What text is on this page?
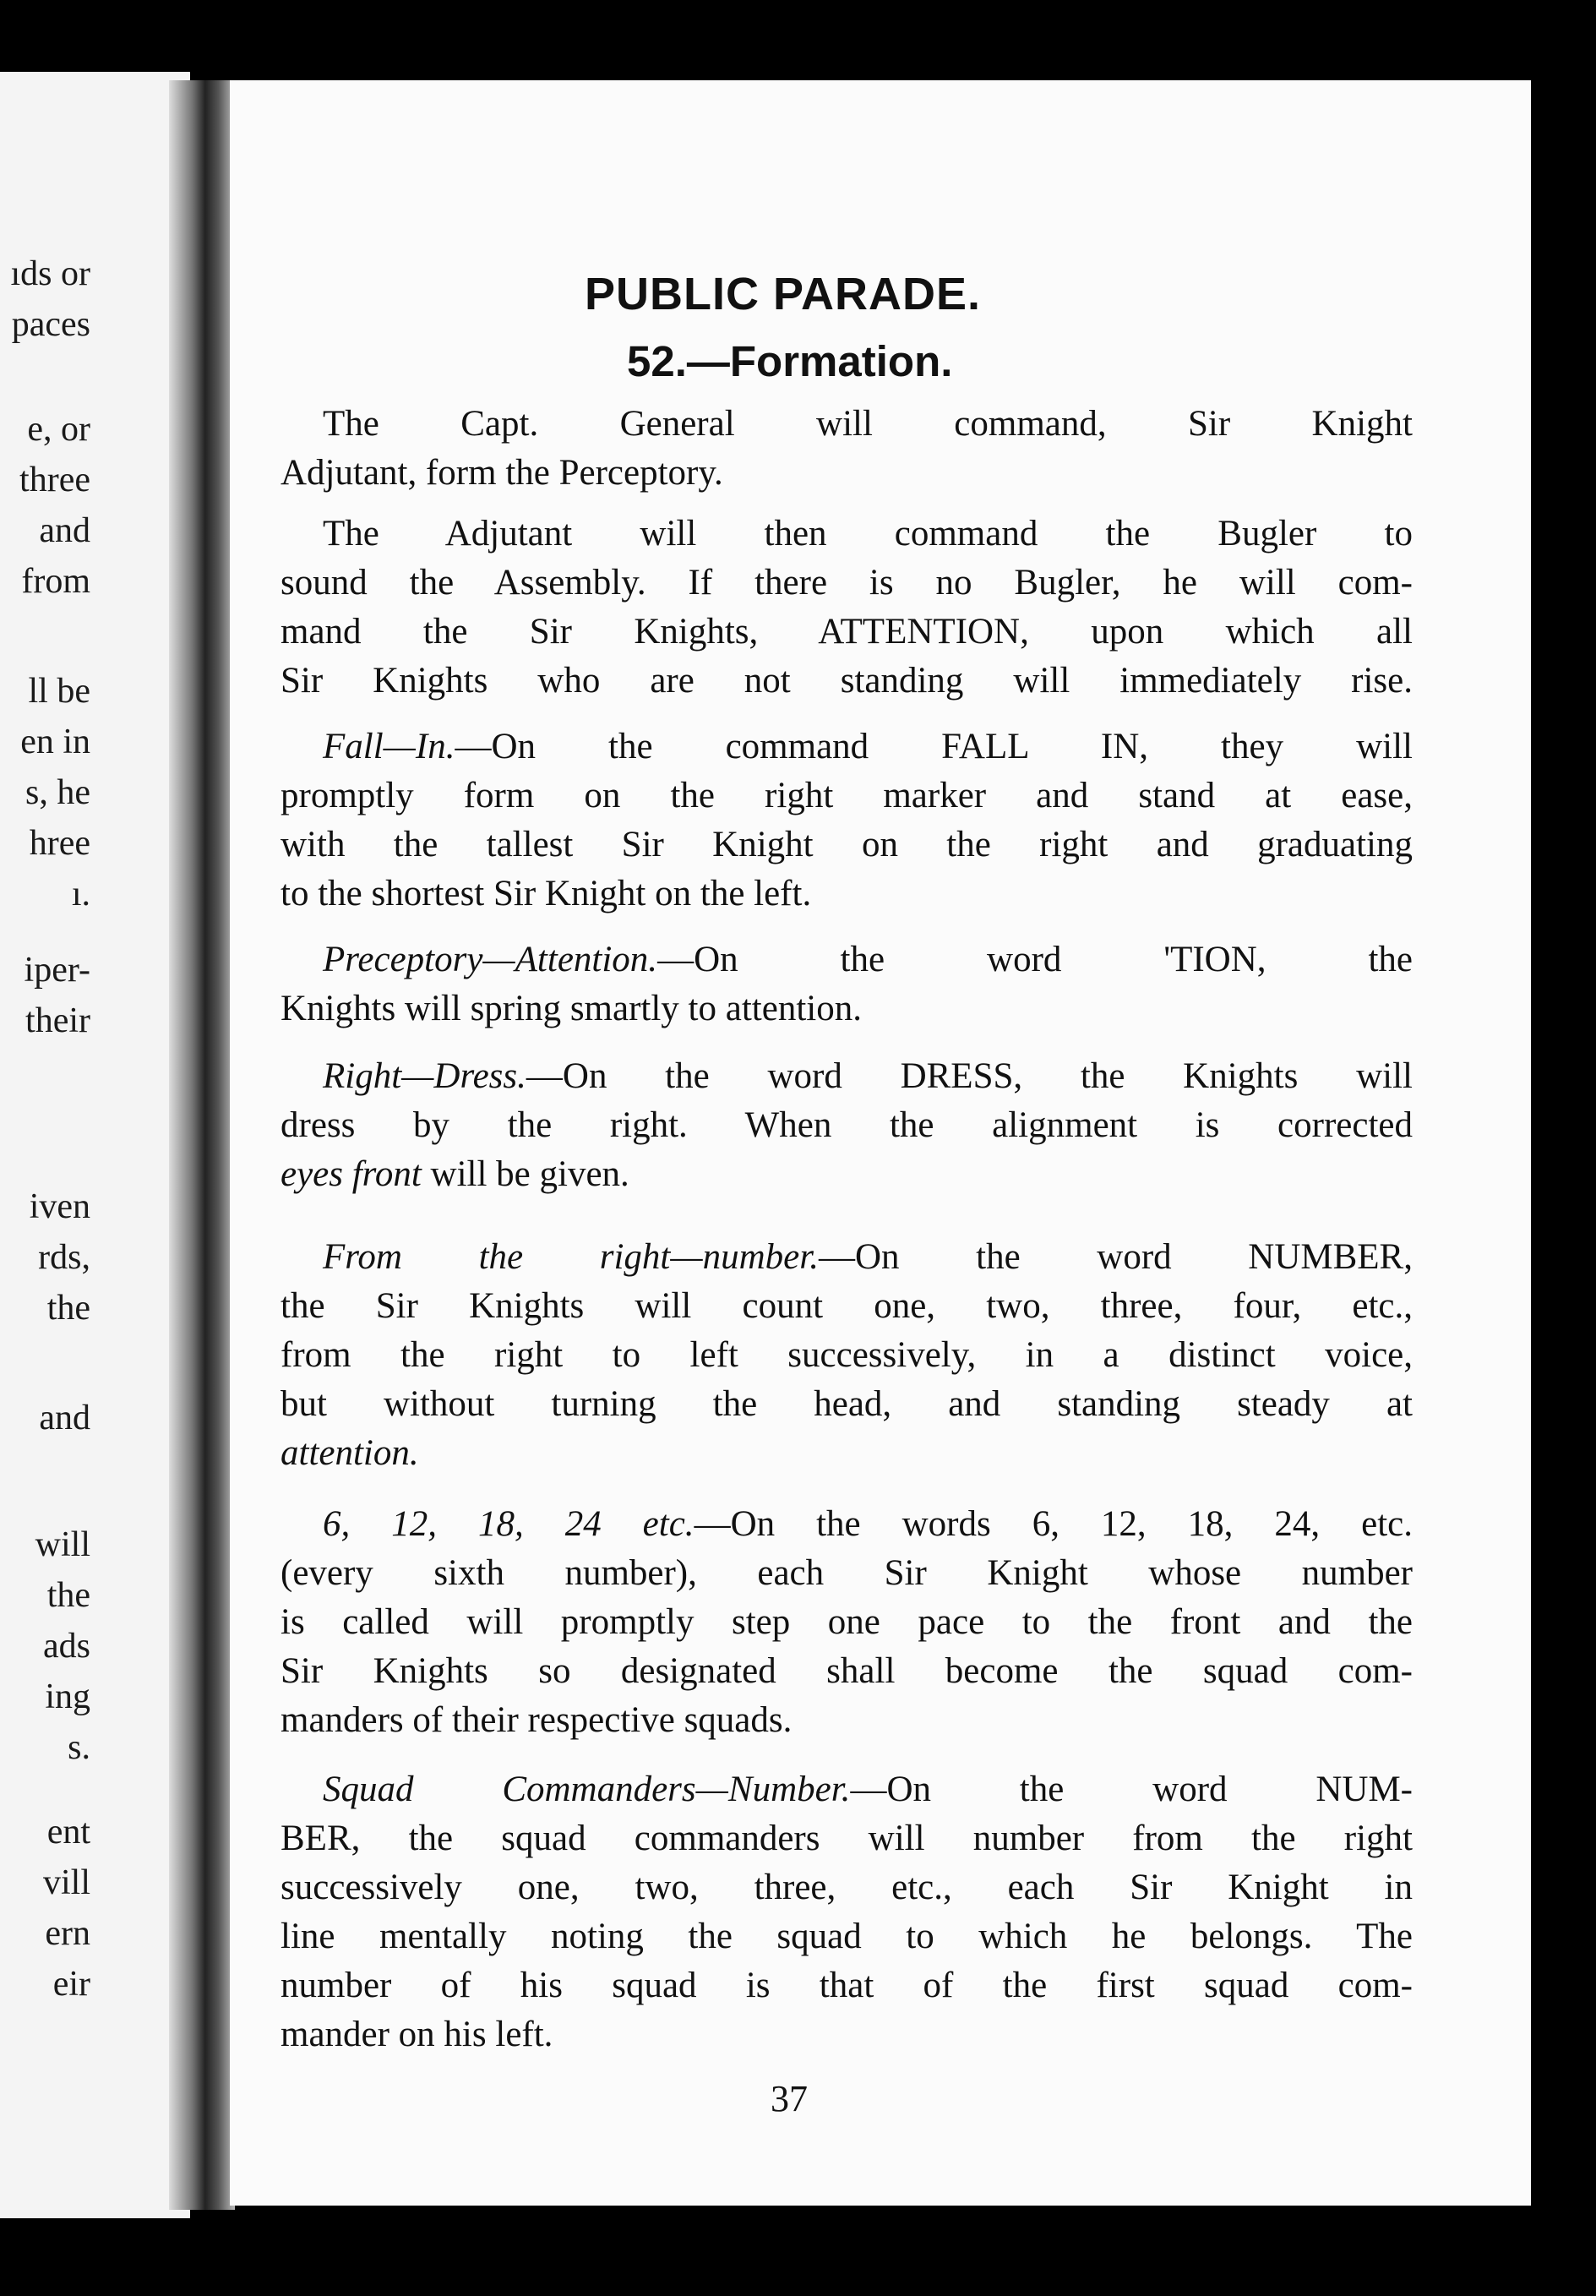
ıds or
paces
e, or
three
and
from
ll be
en in
s, he
hree
ı.
iper-
their
iven
rds,
the
and
will
the
ads
ing
s.
ent
vill
ern
eir
PUBLIC PARADE.
52.—Formation.
The Capt. General will command, Sir Knight
Adjutant, form the Perceptory.
The Adjutant will then command the Bugler to
sound the Assembly. If there is no Bugler, he will com-
mand the Sir Knights, ATTENTION, upon which all
Sir Knights who are not standing will immediately rise.
Fall—In.—On the command FALL IN, they will
promptly form on the right marker and stand at ease,
with the tallest Sir Knight on the right and graduating
to the shortest Sir Knight on the left.
Preceptory—Attention.—On the word 'TION, the
Knights will spring smartly to attention.
Right—Dress.—On the word DRESS, the Knights will
dress by the right. When the alignment is corrected
eyes front will be given.
From the right—number.—On the word NUMBER,
the Sir Knights will count one, two, three, four, etc.,
from the right to left successively, in a distinct voice,
but without turning the head, and standing steady at
attention.
6, 12, 18, 24 etc.—On the words 6, 12, 18, 24, etc.
(every sixth number), each Sir Knight whose number
is called will promptly step one pace to the front and the
Sir Knights so designated shall become the squad com-
manders of their respective squads.
Squad Commanders—Number.—On the word NUM-
BER, the squad commanders will number from the right
successively one, two, three, etc., each Sir Knight in
line mentally noting the squad to which he belongs. The
number of his squad is that of the first squad com-
mander on his left.
37
